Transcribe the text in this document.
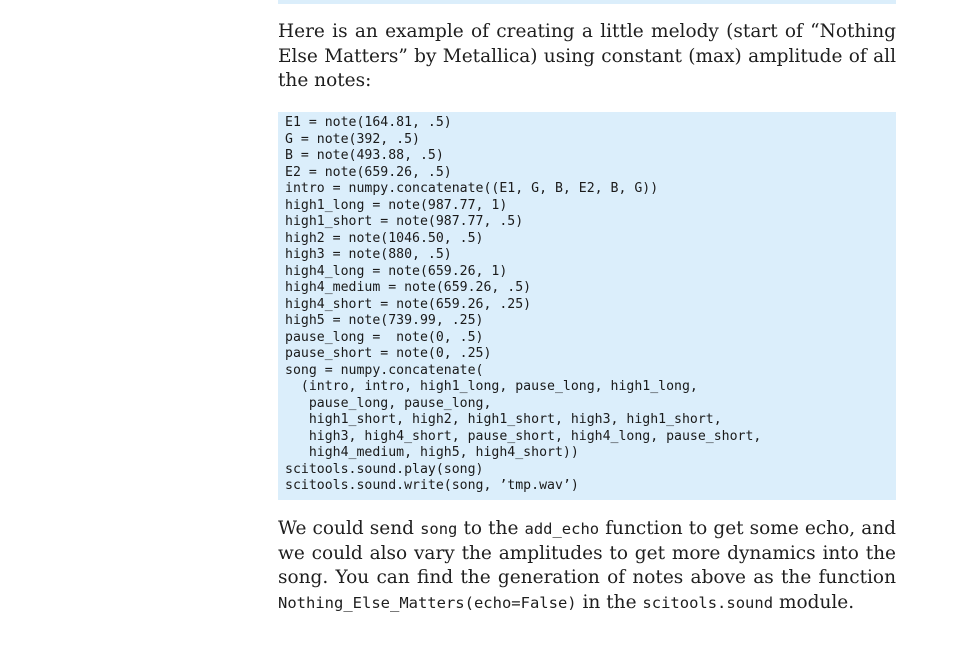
Here is an example of creating a little melody (start of “Nothing Else Matters” by Metallica) using constant (max) amplitude of all the notes:

E1 = note(164.81, .5)
G = note(392, .5)
B = note(493.88, .5)
E2 = note(659.26, .5)
intro = numpy.concatenate((E1, G, B, E2, B, G))
high1_long = note(987.77, 1)
high1_short = note(987.77, .5)
high2 = note(1046.50, .5)
high3 = note(880, .5)
high4_long = note(659.26, 1)
high4_medium = note(659.26, .5)
high4_short = note(659.26, .25)
high5 = note(739.99, .25)
pause_long =  note(0, .5)
pause_short = note(0, .25)
song = numpy.concatenate(
(intro, intro, high1_long, pause_long, high1_long,
pause_long, pause_long,
high1_short, high2, high1_short, high3, high1_short,
high3, high4_short, pause_short, high4_long, pause_short,
high4_medium, high5, high4_short))
scitools.sound.play(song)
scitools.sound.write(song, ’tmp.wav’)

We could send song to the add_echo function to get some echo, and we could also vary the amplitudes to get more dynamics into the song. You can find the generation of notes above as the function Nothing_Else_Matters(echo=False) in the scitools.sound module.
